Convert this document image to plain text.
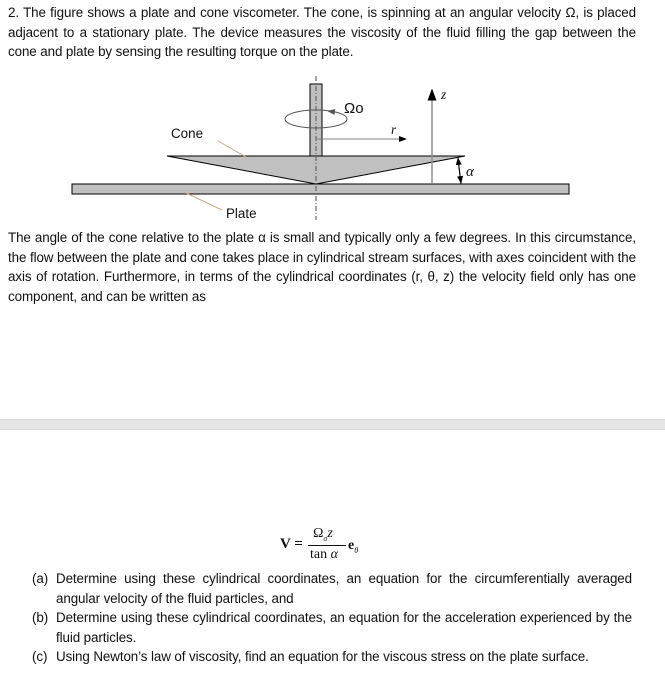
2. The figure shows a plate and cone viscometer. The cone, is spinning at an angular velocity Ω, is placed adjacent to a stationary plate. The device measures the viscosity of the fluid filling the gap between the cone and plate by sensing the resulting torque on the plate.
Cone
Plate
Ωo
r
z
α
The angle of the cone relative to the plate α is small and typically only a few degrees. In this circumstance, the flow between the plate and cone takes place in cylindrical stream surfaces, with axes coincident with the axis of rotation. Furthermore, in terms of the cylindrical coordinates (r, θ, z) the velocity field only has one component, and can be written as
V =
$\Omega_oz$
tan α
$e_\theta$
(a) Determine using these cylindrical coordinates, an equation for the circumferentially averaged angular velocity of the fluid particles, and
(b) Determine using these cylindrical coordinates, an equation for the acceleration experienced by the fluid particles.
(c) Using Newton’s law of viscosity, find an equation for the viscous stress on the plate surface.
